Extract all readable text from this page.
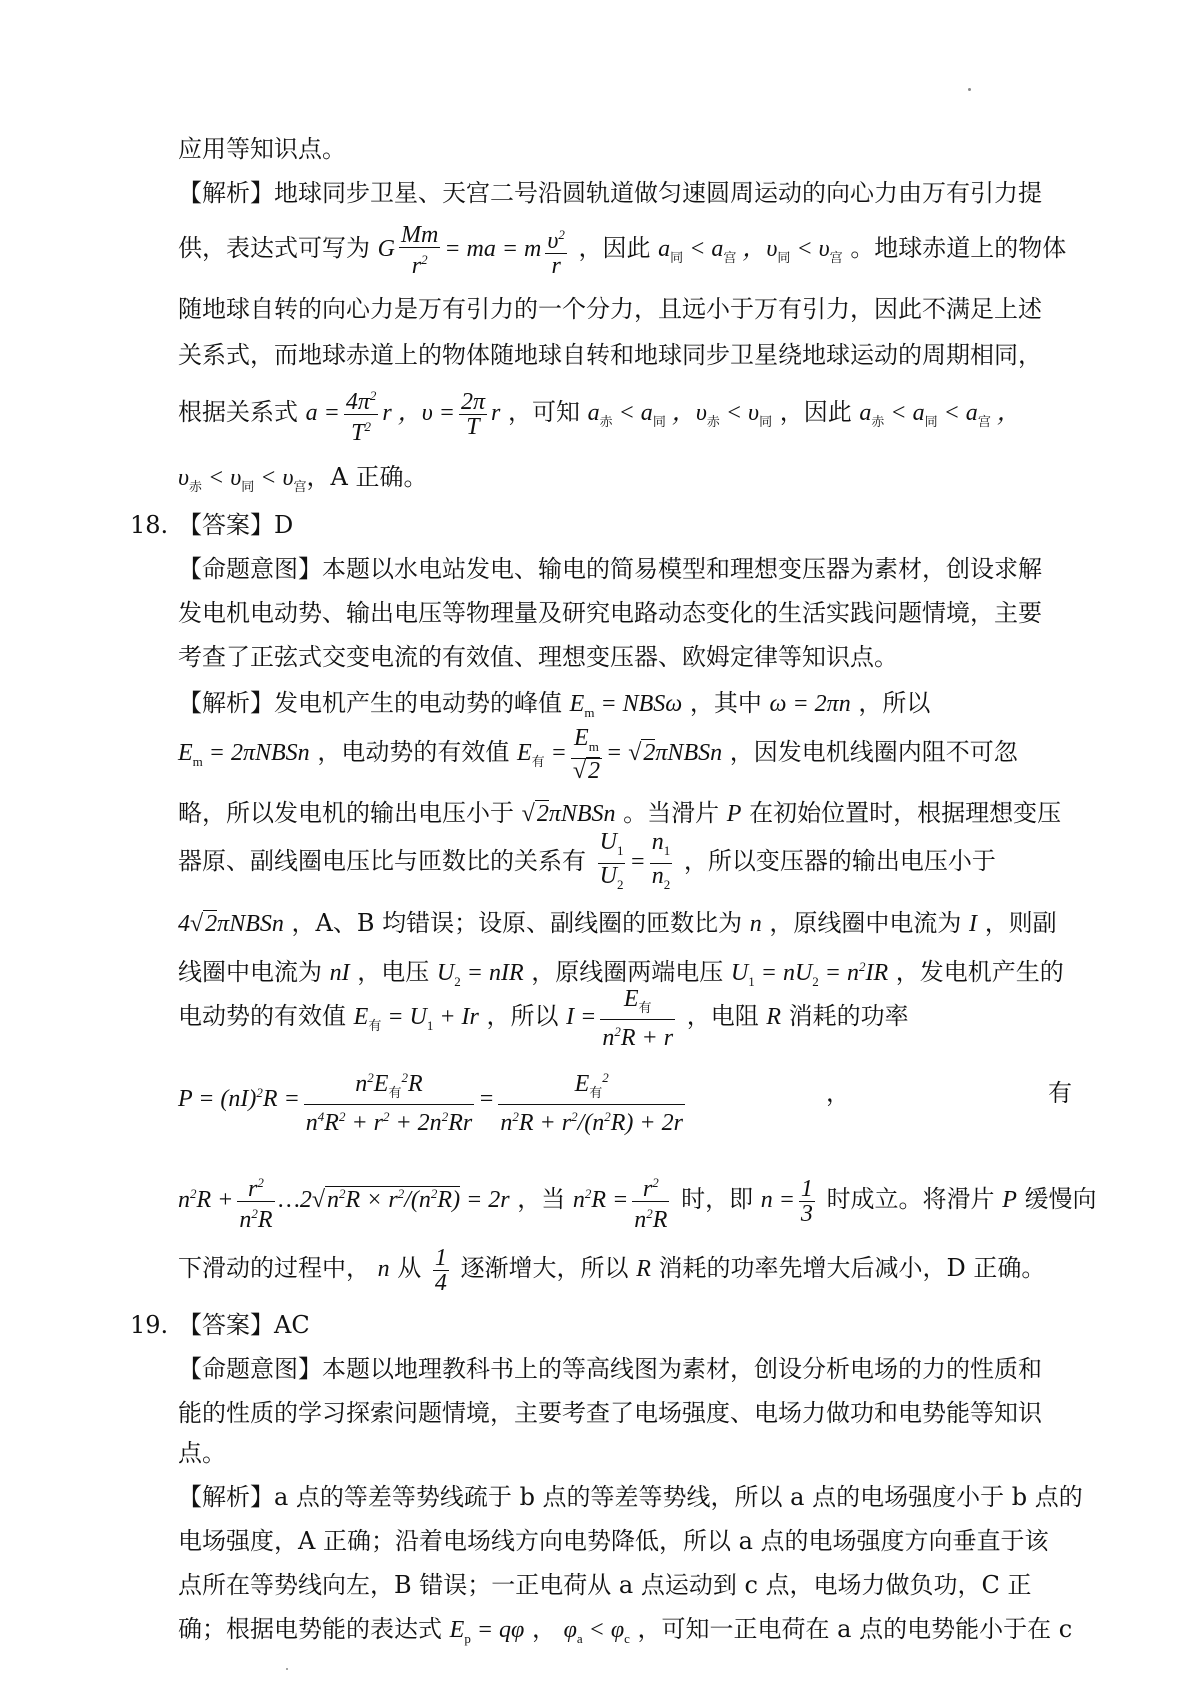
应用等知识点。
【解析】地球同步卫星、天宫二号沿圆轨道做匀速圆周运动的向心力由万有引力提
供，表达式可写为 G $\frac{Mm}{r^2}$ = ma = m $\frac{\upsilon^2}{r}$ ，因此 $a_同 < a_宫$ ，$\upsilon_同 < \upsilon_宫$ 。地球赤道上的物体
随地球自转的向心力是万有引力的一个分力，且远小于万有引力，因此不满足上述
关系式，而地球赤道上的物体随地球自转和地球同步卫星绕地球运动的周期相同，
根据关系式 $a = \frac{4\pi^2}{T^2}$ r ，$\upsilon = \frac{2\pi}{T}$ r ，可知 $a_赤 < a_同$ ，$\upsilon_赤 < \upsilon_同$ ，因此 $a_赤 < a_同 < a_宫$ ，
$\upsilon_赤 < \upsilon_同 < \upsilon_宫$，A 正确。
18. 【答案】D
【命题意图】本题以水电站发电、输电的简易模型和理想变压器为素材，创设求解
发电机电动势、输出电压等物理量及研究电路动态变化的生活实践问题情境，主要
考查了正弦式交变电流的有效值、理想变压器、欧姆定律等知识点。
【解析】发电机产生的电动势的峰值 $E_m = NBS\omega$ ，其中 ω = 2πn ，所以
$E_m$ = 2πNBSn ，电动势的有效值 $E_有 = \frac{E_m}{√2}$ = √2πNBSn ，因发电机线圈内阻不可忽
略，所以发电机的输出电压小于 √2πNBSn 。当滑片 P 在初始位置时，根据理想变压
器原、副线圈电压比与匝数比的关系有 $\frac{U_1}{U_2} = \frac{n_1}{n_2}$ ，所以变压器的输出电压小于
4√2πNBSn ，A、B 均错误；设原、副线圈的匝数比为 n ，原线圈中电流为 I ，则副
线圈中电流为 nI ，电压 $U_2$ = nIR ，原线圈两端电压 $U_1 = nU_2 = n^2IR$ ，发电机产生的
电动势的有效值 $E_有 = U_1 + Ir$ ，所以 $I = \frac{E_有}{n^2R + r}$ ，电阻 R 消耗的功率
$P = (nI)^2R = \frac{n^2E_有^2R}{n^4R^2 + r^2 + 2n^2Rr} = \frac{E_有^2}{n^2R + r^2/(n^2R) + 2r}$	，	有
$n^2R + \frac{r^2}{n^2R}$ $\dots 2√n^2R \times r^2/(n^2R) = 2r$ ，当 $n^2R = \frac{r^2}{n^2R}$ 时，即 $n = \frac{1}{3}$ 时成立。将滑片 P 缓慢向
下滑动的过程中， n 从 $\frac{1}{4}$ 逐渐增大，所以 R 消耗的功率先增大后减小，D 正确。
19. 【答案】AC
【命题意图】本题以地理教科书上的等高线图为素材，创设分析电场的力的性质和
能的性质的学习探索问题情境，主要考查了电场强度、电场力做功和电势能等知识
点。
【解析】a 点的等差等势线疏于 b 点的等差等势线，所以 a 点的电场强度小于 b 点的
电场强度，A 正确；沿着电场线方向电势降低，所以 a 点的电场强度方向垂直于该
点所在等势线向左，B 错误；一正电荷从 a 点运动到 c 点，电场力做负功，C 正
确；根据电势能的表达式 $E_p = q\varphi$ ， $\varphi_a < \varphi_c$ ，可知一正电荷在 a 点的电势能小于在 c
